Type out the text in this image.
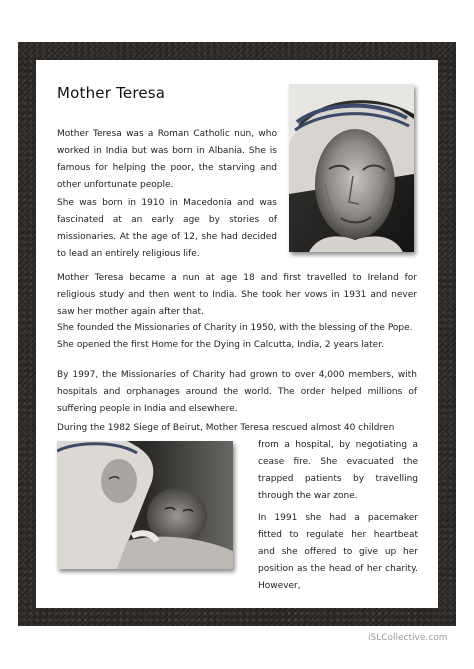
Mother Teresa

Mother Teresa was a Roman Catholic nun, who worked in India but was born in Albania. She is famous for helping the poor, the starving and other unfortunate people.

She was born in 1910 in Macedonia and was fascinated at an early age by stories of missionaries. At the age of 12, she had decided to lead an entirely religious life.

Mother Teresa became a nun at age 18 and first travelled to Ireland for religious study and then went to India. She took her vows in 1931 and never saw her mother again after that.

She founded the Missionaries of Charity in 1950, with the blessing of the Pope. She opened the first Home for the Dying in Calcutta, India, 2 years later.

By 1997, the Missionaries of Charity had grown to over 4,000 members, with hospitals and orphanages around the world. The order helped millions of suffering people in India and elsewhere.

During the 1982 Siege of Beirut, Mother Teresa rescued almost 40 children

from a hospital, by negotiating a cease fire. She evacuated the trapped patients by travelling through the war zone.

In 1991 she had a pacemaker fitted to regulate her heartbeat and she offered to give up her position as the head of her charity. However,

iSLCollective.com
